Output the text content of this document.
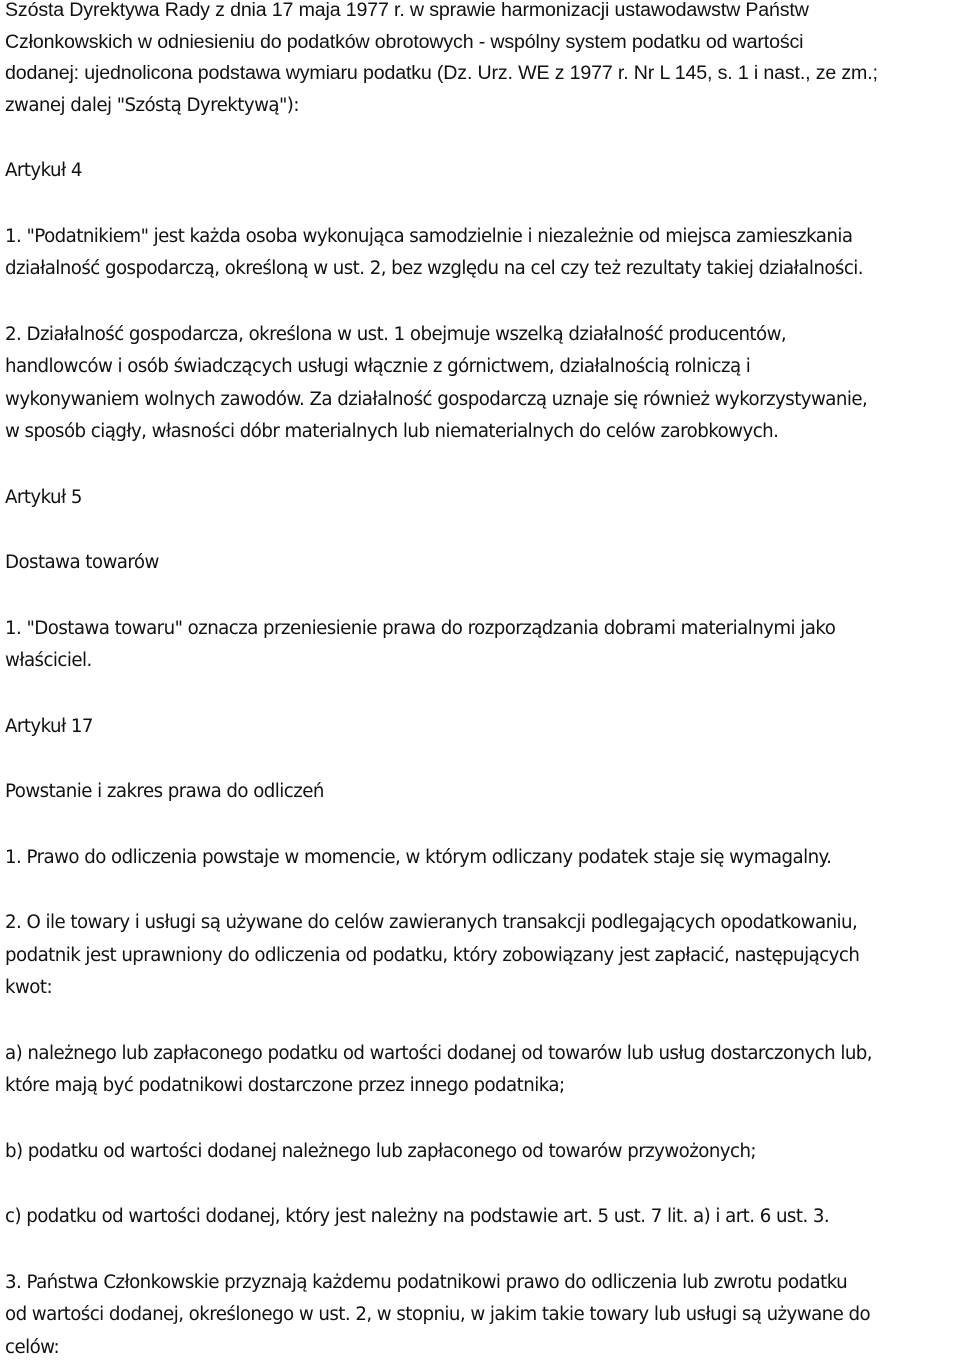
Szósta Dyrektywa Rady z dnia 17 maja 1977 r. w sprawie harmonizacji ustawodawstw Państw
Członkowskich w odniesieniu do podatków obrotowych - wspólny system podatku od wartości
dodanej: ujednolicona podstawa wymiaru podatku (Dz. Urz. WE z 1977 r. Nr L 145, s. 1 i nast., ze zm.;
zwanej dalej "Szóstą Dyrektywą"):
Artykuł 4
1. "Podatnikiem" jest każda osoba wykonująca samodzielnie i niezależnie od miejsca zamieszkania
działalność gospodarczą, określoną w ust. 2, bez względu na cel czy też rezultaty takiej działalności.
2. Działalność gospodarcza, określona w ust. 1 obejmuje wszelką działalność producentów,
handlowców i osób świadczących usługi włącznie z górnictwem, działalnością rolniczą i
wykonywaniem wolnych zawodów. Za działalność gospodarczą uznaje się również wykorzystywanie,
w sposób ciągły, własności dóbr materialnych lub niematerialnych do celów zarobkowych.
Artykuł 5
Dostawa towarów
1. "Dostawa towaru" oznacza przeniesienie prawa do rozporządzania dobrami materialnymi jako
właściciel.
Artykuł 17
Powstanie i zakres prawa do odliczeń
1. Prawo do odliczenia powstaje w momencie, w którym odliczany podatek staje się wymagalny.
2. O ile towary i usługi są używane do celów zawieranych transakcji podlegających opodatkowaniu,
podatnik jest uprawniony do odliczenia od podatku, który zobowiązany jest zapłacić, następujących
kwot:
a) należnego lub zapłaconego podatku od wartości dodanej od towarów lub usług dostarczonych lub,
które mają być podatnikowi dostarczone przez innego podatnika;
b) podatku od wartości dodanej należnego lub zapłaconego od towarów przywożonych;
c) podatku od wartości dodanej, który jest należny na podstawie art. 5 ust. 7 lit. a) i art. 6 ust. 3.
3. Państwa Członkowskie przyznają każdemu podatnikowi prawo do odliczenia lub zwrotu podatku
od wartości dodanej, określonego w ust. 2, w stopniu, w jakim takie towary lub usługi są używane do
celów:
